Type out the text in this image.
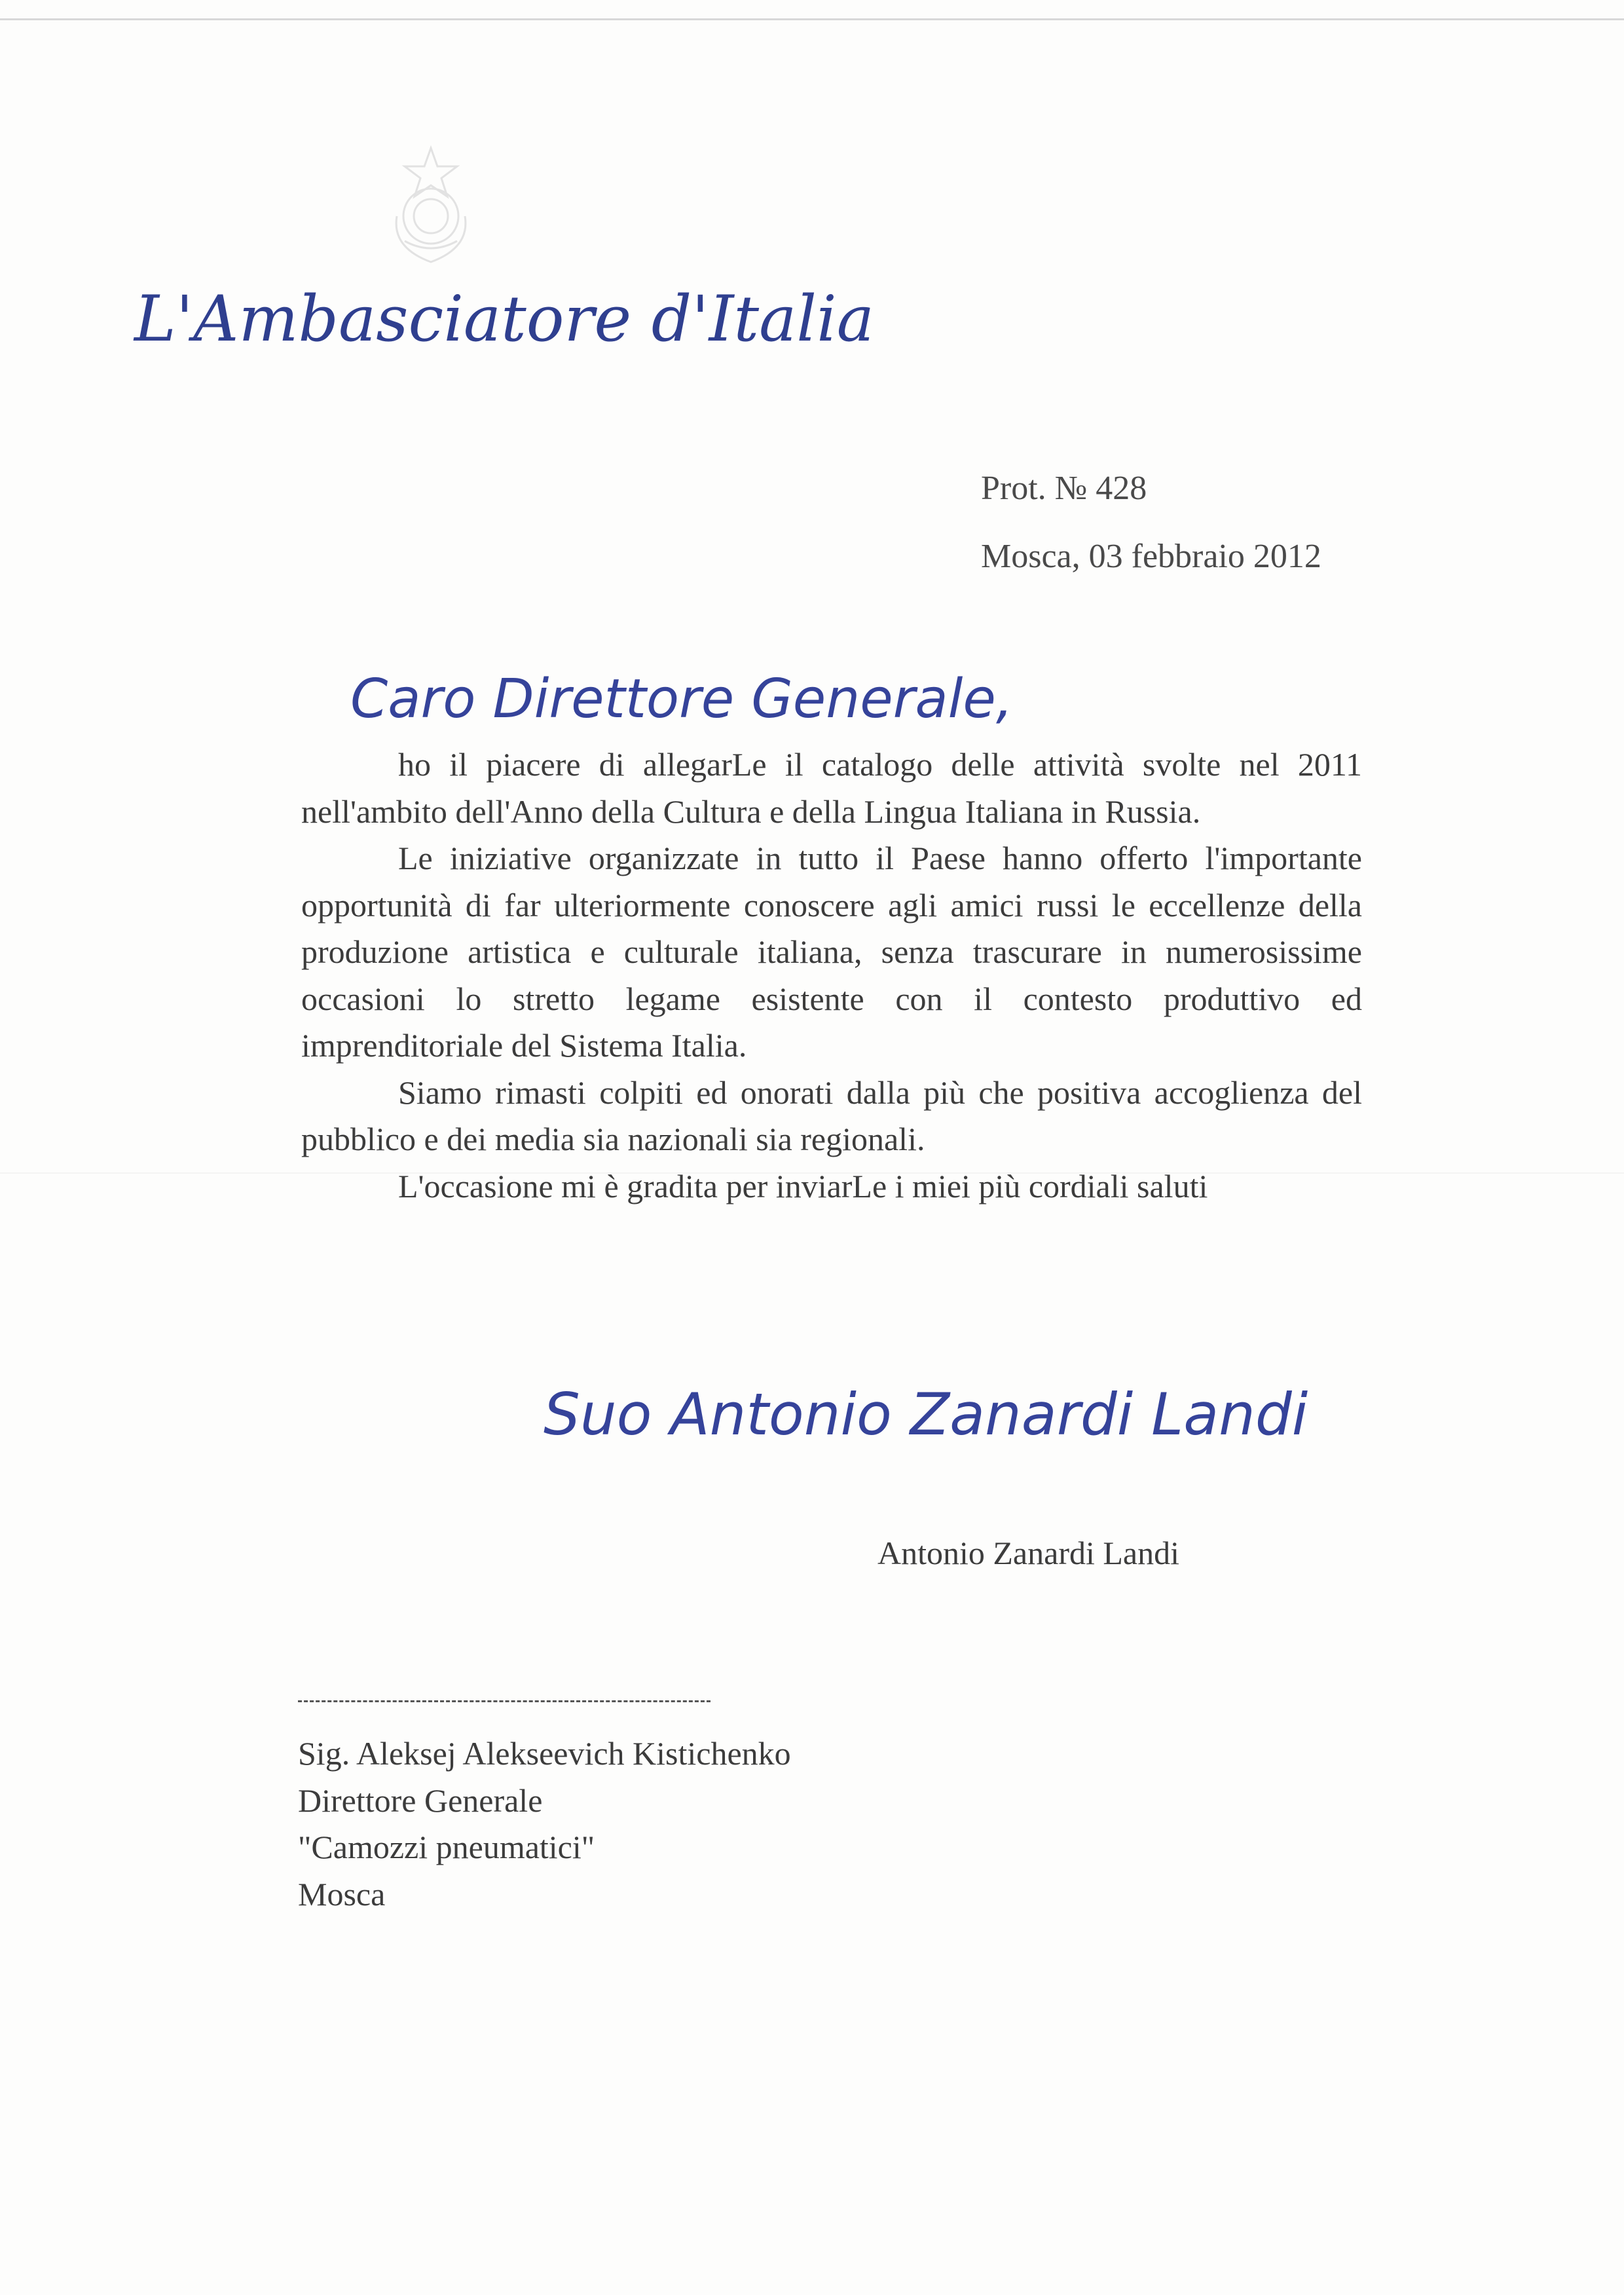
L'Ambasciatore d'Italia
Prot. № 428
Mosca, 03 febbraio 2012
Caro Direttore Generale,

ho il piacere di allegarLe il catalogo delle attività svolte nel 2011 nell'ambito dell'Anno della Cultura e della Lingua Italiana in Russia.

Le iniziative organizzate in tutto il Paese hanno offerto l'importante opportunità di far ulteriormente conoscere agli amici russi le eccellenze della produzione artistica e culturale italiana, senza trascurare in numerosissime occasioni lo stretto legame esistente con il contesto produttivo ed imprenditoriale del Sistema Italia.

Siamo rimasti colpiti ed onorati dalla più che positiva accoglienza del pubblico e dei media sia nazionali sia regionali.

L'occasione mi è gradita per inviarLe i miei più cordiali saluti

Suo Antonio Zanardi Landi
Antonio Zanardi Landi
Sig. Aleksej Alekseevich Kistichenko
Direttore Generale
"Camozzi pneumatici"
Mosca
